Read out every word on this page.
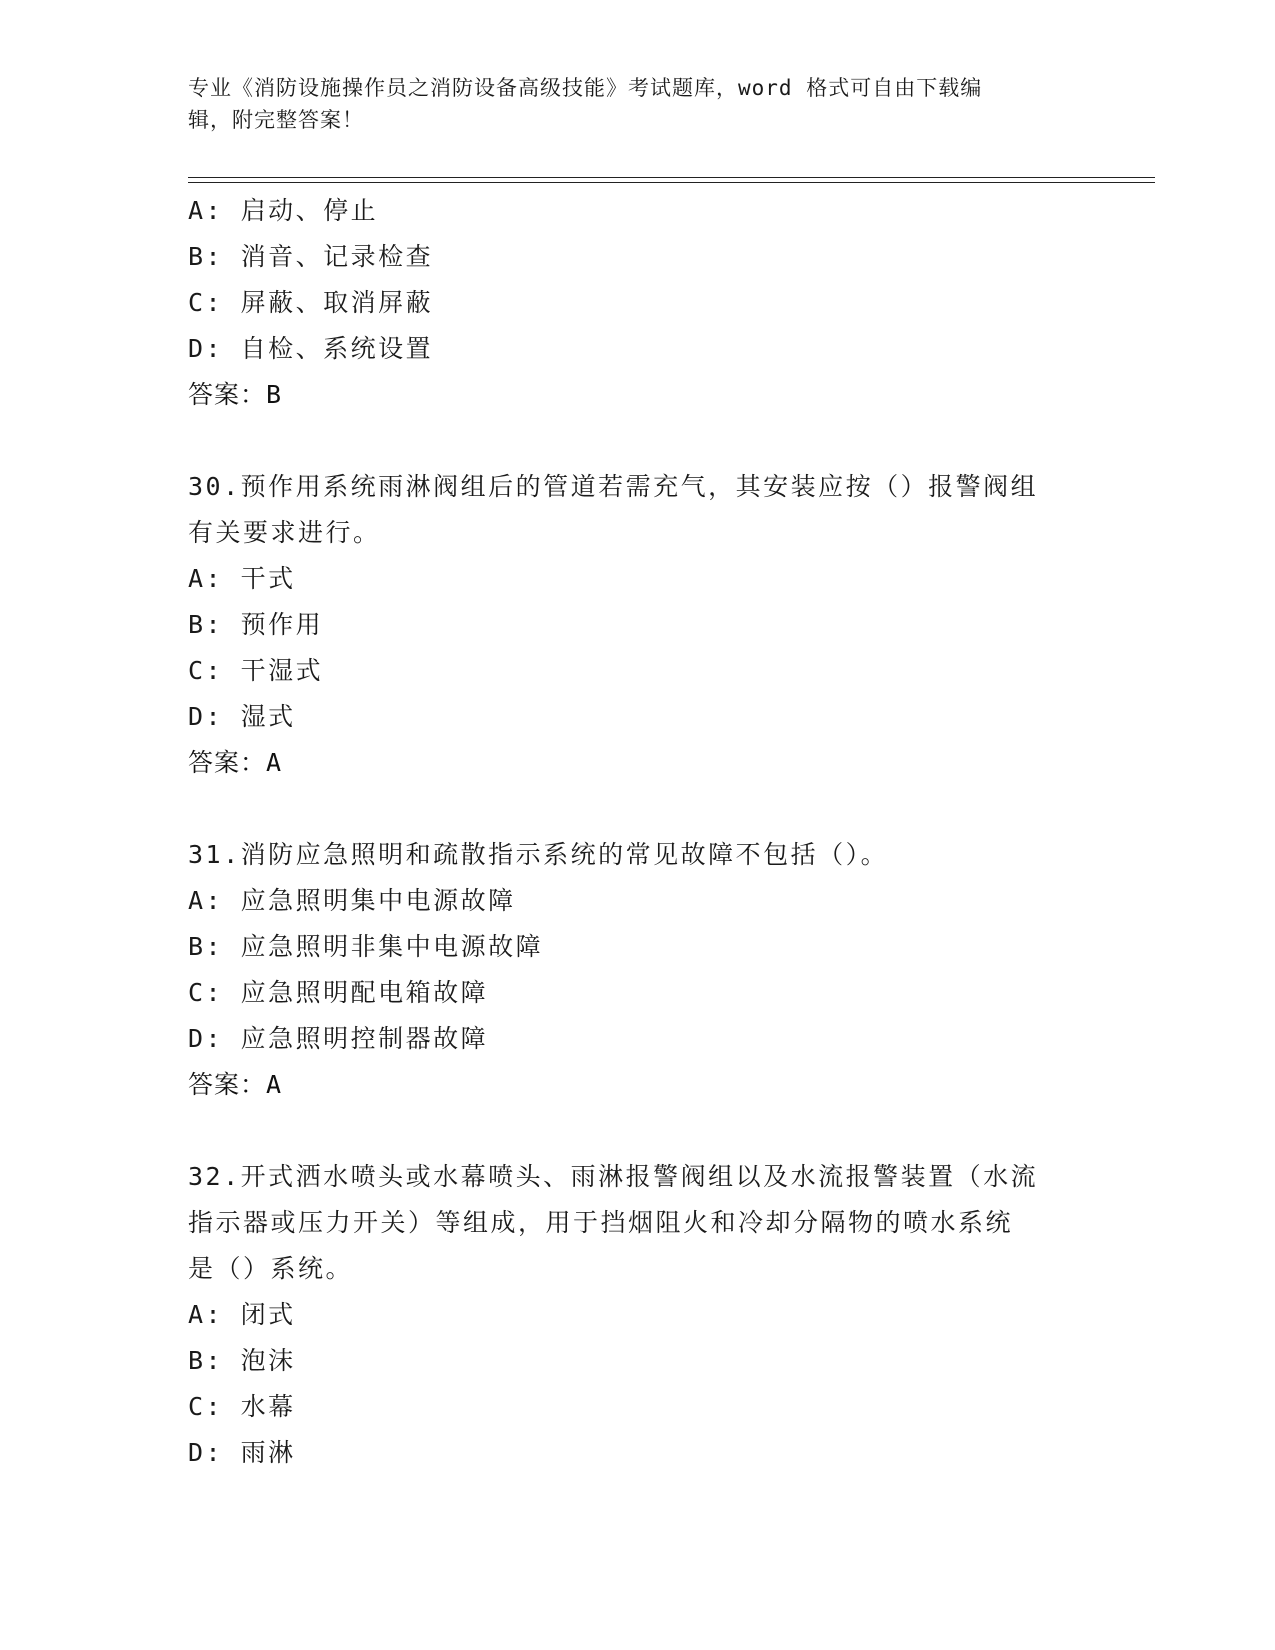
专业《消防设施操作员之消防设备高级技能》考试题库，word 格式可自由下载编
辑，附完整答案！
A: 启动、停止
B: 消音、记录检查
C: 屏蔽、取消屏蔽
D: 自检、系统设置
答案：B
30.预作用系统雨淋阀组后的管道若需充气，其安装应按（）报警阀组
有关要求进行。
A: 干式
B: 预作用
C: 干湿式
D: 湿式
答案：A
31.消防应急照明和疏散指示系统的常见故障不包括（）。
A: 应急照明集中电源故障
B: 应急照明非集中电源故障
C: 应急照明配电箱故障
D: 应急照明控制器故障
答案：A
32.开式洒水喷头或水幕喷头、雨淋报警阀组以及水流报警装置（水流
指示器或压力开关）等组成，用于挡烟阻火和冷却分隔物的喷水系统
是（）系统。
A: 闭式
B: 泡沫
C: 水幕
D: 雨淋
